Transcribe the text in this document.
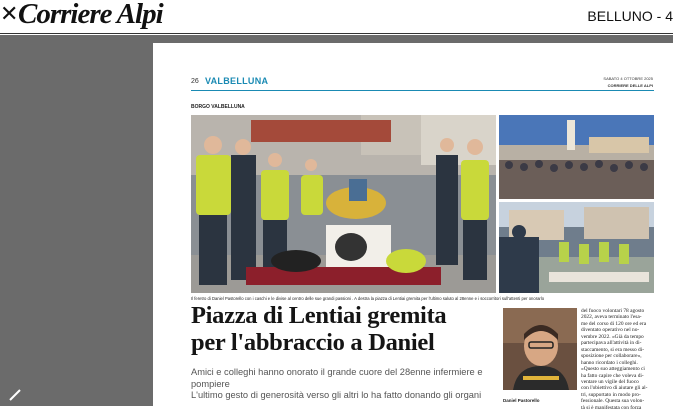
✕ Corriere Alpi	BELLUNO - 4
26 VALBELLUNA	SABATO 4 OTTOBRE 2025
CORRIERE DELLE ALPI
BORGO VALBELLUNA
Il feretro di Daniel Pastorello con i caschi e le divise al centro delle sue grandi passioni . A destra la piazza di Lentiai gremita per l'ultimo saluto al 28enne e i soccorritori sull'attenti per onorarlo
Piazza di Lentiai gremita
per l'abbraccio a Daniel
Amici e colleghi hanno onorato il grande cuore del 28enne infermiere e pompiere
L'ultimo gesto di generosità verso gli altri lo ha fatto donando gli organi
Daniel Pastorello
del fuoco volontari 78 agosto
2022, aveva terminato l'esa-
me del corso di 120 ore ed era
diventato operativo nel no-
vembre 2022. «Già da tempo
partecipava all'attività in di-
staccamento, si era messo di-
sposizione per collaborare»,
hanno ricordato i colleghi.
«Questo suo atteggiamento ci
ha fatto capire che voleva di-
ventare un vigile del fuoco
con l'obiettivo di aiutare gli al-
tri, supportato in modo pro-
fessionale. Questa sua volon-
tà si è manifestata con forza
